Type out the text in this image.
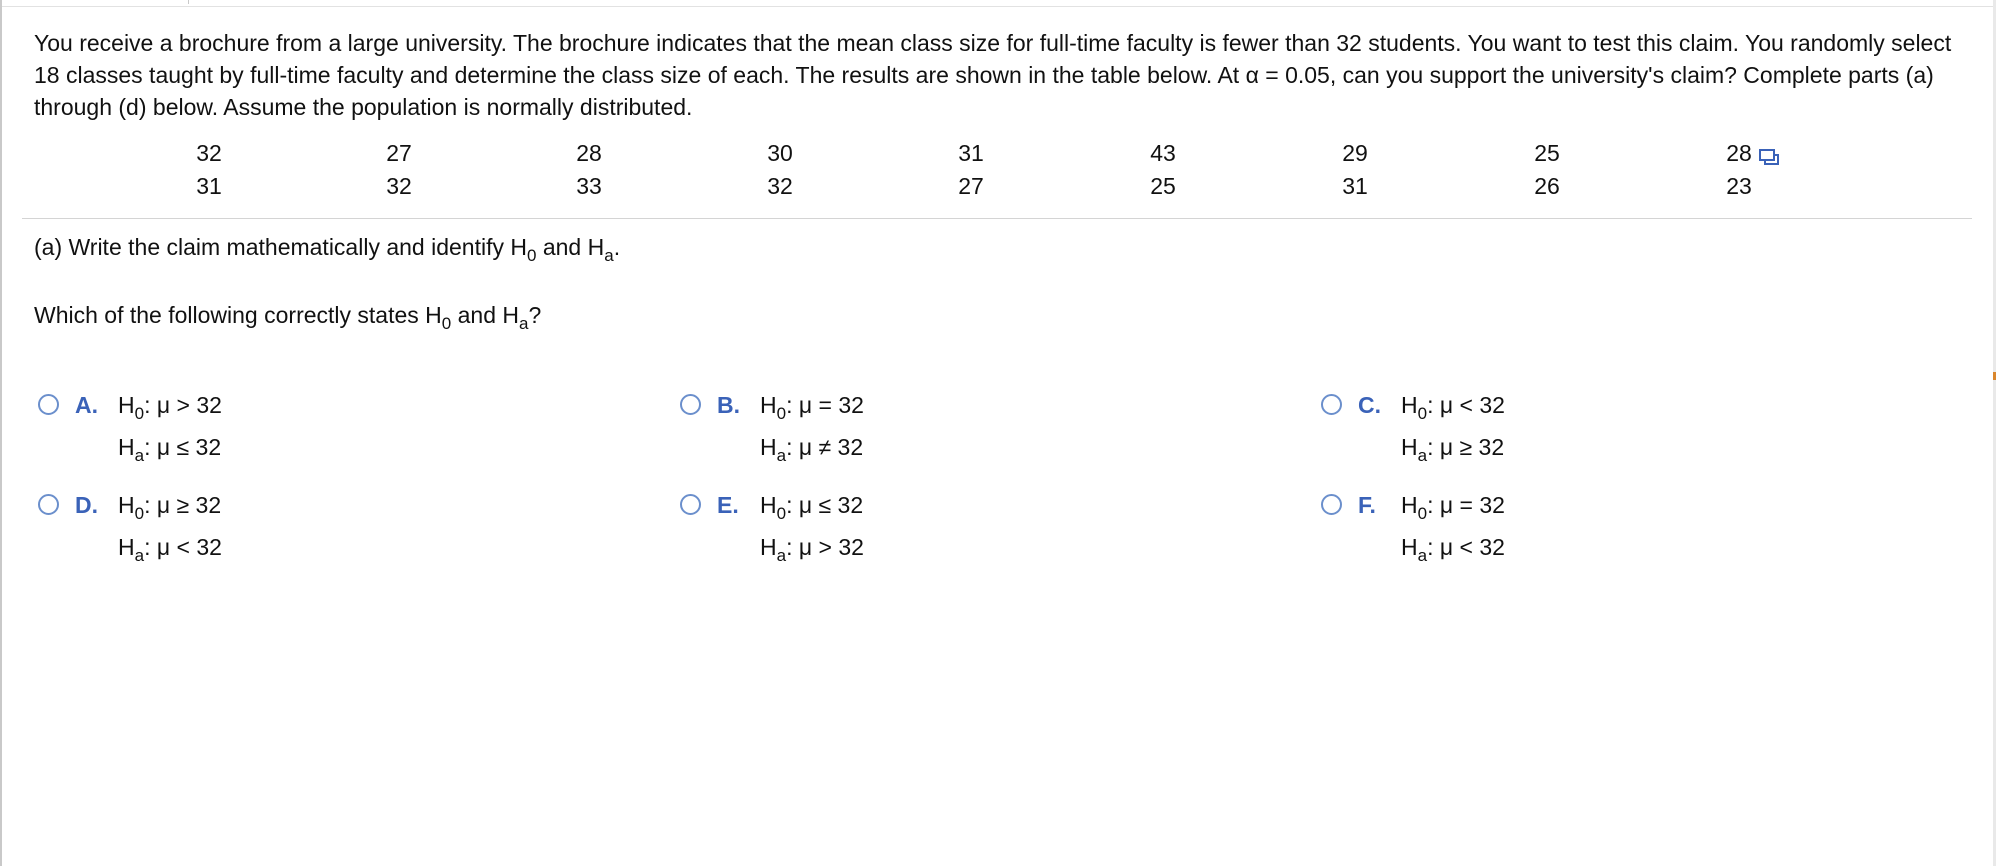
You receive a brochure from a large university. The brochure indicates that the mean class size for full-time faculty is fewer than 32 students. You want to test this claim. You randomly select 18 classes taught by full-time faculty and determine the class size of each. The results are shown in the table below. At α = 0.05, can you support the university's claim? Complete parts (a) through (d) below. Assume the population is normally distributed.
32	27	28	30	31	43	29	25	28
31	32	33	32	27	25	31	26	23
(a) Write the claim mathematically and identify $H_0$ and $H_a$.
Which of the following correctly states $H_0$ and $H_a$?
A. $H_0$: μ > 32
$H_a$: μ ≤ 32
B. $H_0$: μ = 32
$H_a$: μ ≠ 32
C. $H_0$: μ < 32
$H_a$: μ ≥ 32
D. $H_0$: μ ≥ 32
$H_a$: μ < 32
E. $H_0$: μ ≤ 32
$H_a$: μ > 32
F. $H_0$: μ = 32
$H_a$: μ < 32
